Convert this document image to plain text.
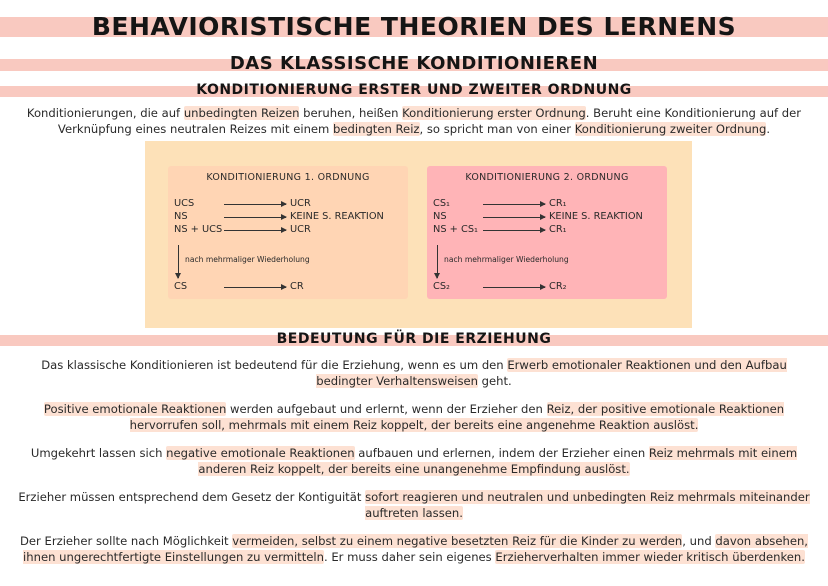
BEHAVIORISTISCHE THEORIEN DES LERNENS
DAS KLASSISCHE KONDITIONIEREN
KONDITIONIERUNG ERSTER UND ZWEITER ORDNUNG

Konditionierungen, die auf unbedingten Reizen beruhen, heißen Konditionierung erster Ordnung. Beruht eine Konditionierung auf der
Verknüpfung eines neutralen Reizes mit einem bedingten Reiz, so spricht man von einer Konditionierung zweiter Ordnung.

KONDITIONIERUNG 1. ORDNUNG
UCS	UCR
NS	KEINE S. REAKTION
NS + UCS	UCR
nach mehrmaliger Wiederholung
CS	CR
KONDITIONIERUNG 2. ORDNUNG
CS₁	CR₁
NS	KEINE S. REAKTION
NS + CS₁	CR₁
nach mehrmaliger Wiederholung
CS₂	CR₂
BEDEUTUNG FÜR DIE ERZIEHUNG

Das klassische Konditionieren ist bedeutend für die Erziehung, wenn es um den Erwerb emotionaler Reaktionen und den Aufbau
bedingter Verhaltensweisen geht.

Positive emotionale Reaktionen werden aufgebaut und erlernt, wenn der Erzieher den Reiz, der positive emotionale Reaktionen
hervorrufen soll, mehrmals mit einem Reiz koppelt, der bereits eine angenehme Reaktion auslöst.

Umgekehrt lassen sich negative emotionale Reaktionen aufbauen und erlernen, indem der Erzieher einen Reiz mehrmals mit einem
anderen Reiz koppelt, der bereits eine unangenehme Empfindung auslöst.

Erzieher müssen entsprechend dem Gesetz der Kontiguität sofort reagieren und neutralen und unbedingten Reiz mehrmals miteinander
auftreten lassen.

Der Erzieher sollte nach Möglichkeit vermeiden, selbst zu einem negative besetzten Reiz für die Kinder zu werden, und davon absehen,
ihnen ungerechtfertigte Einstellungen zu vermitteln. Er muss daher sein eigenes Erzieherverhalten immer wieder kritisch überdenken.
